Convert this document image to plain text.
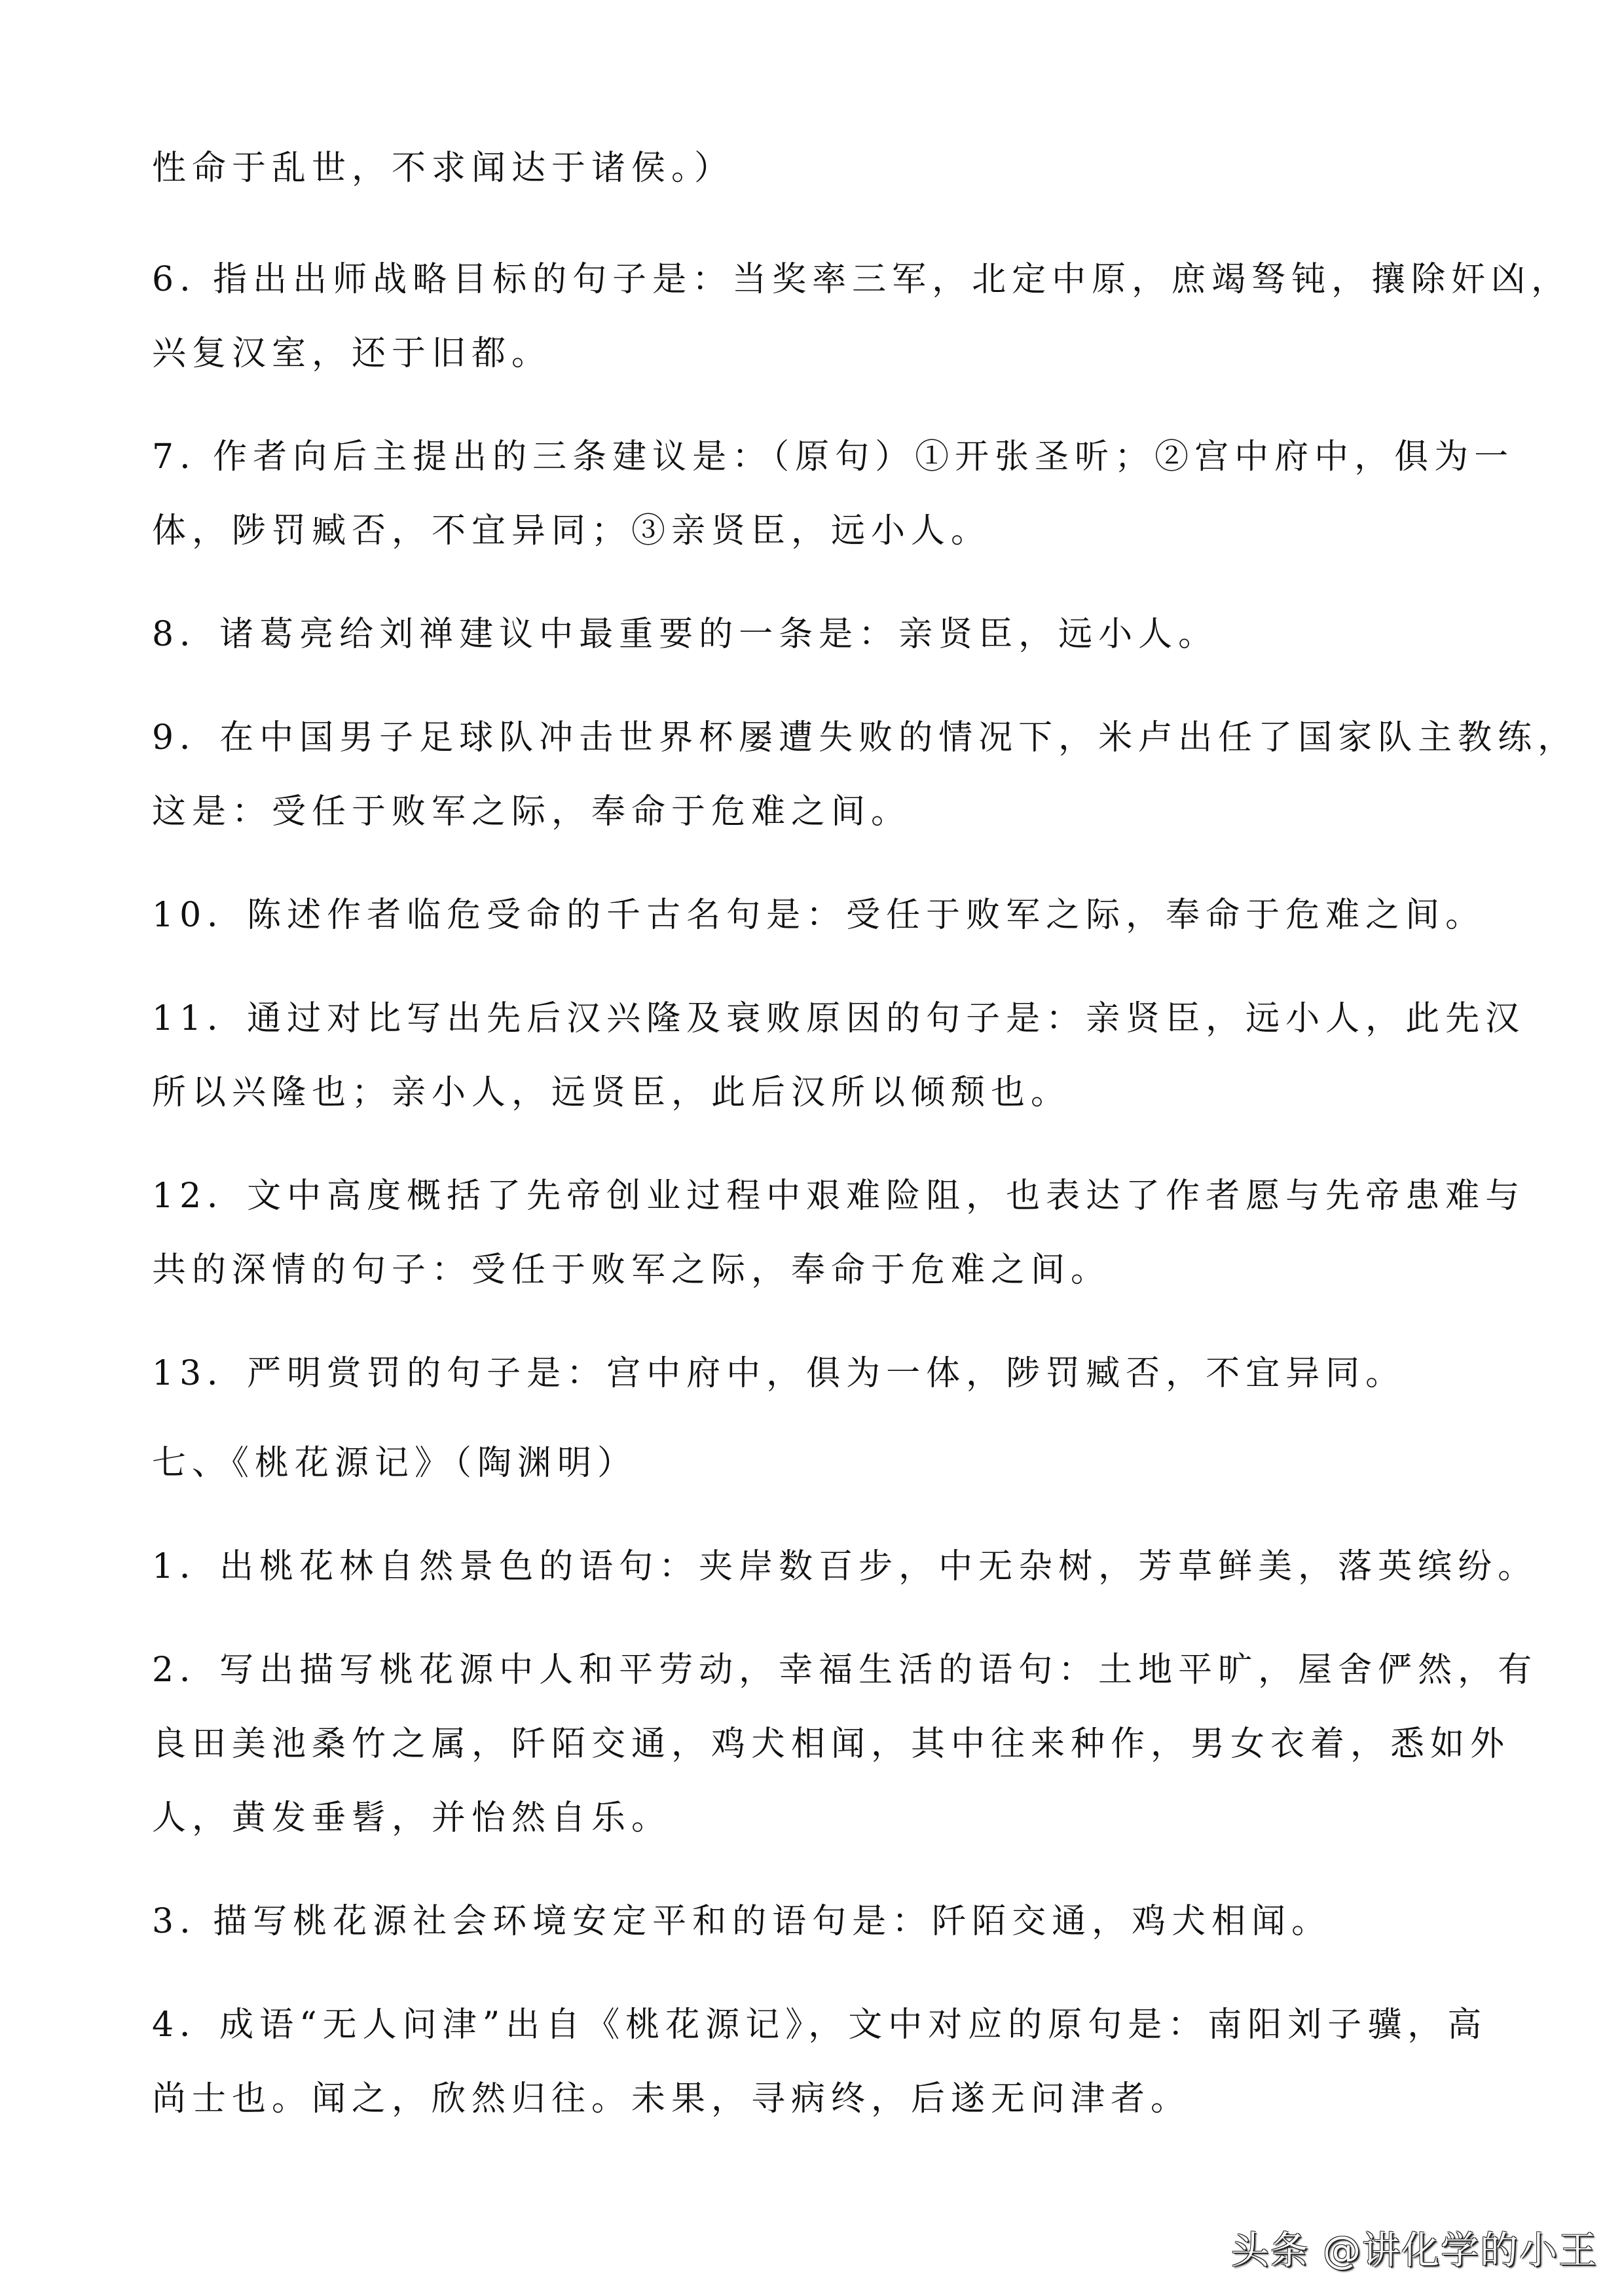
性命于乱世，不求闻达于诸侯。）
6. 指出出师战略目标的句子是：当奖率三军，北定中原，庶竭驽钝，攘除奸凶，
兴复汉室，还于旧都。
7. 作者向后主提出的三条建议是：（原句）①开张圣听；②宫中府中，俱为一
体，陟罚臧否，不宜异同；③亲贤臣，远小人。
8．诸葛亮给刘禅建议中最重要的一条是：亲贤臣，远小人。
9．在中国男子足球队冲击世界杯屡遭失败的情况下，米卢出任了国家队主教练，
这是：受任于败军之际，奉命于危难之间。
10．陈述作者临危受命的千古名句是：受任于败军之际，奉命于危难之间。
11．通过对比写出先后汉兴隆及衰败原因的句子是：亲贤臣，远小人，此先汉
所以兴隆也；亲小人，远贤臣，此后汉所以倾颓也。
12．文中高度概括了先帝创业过程中艰难险阻，也表达了作者愿与先帝患难与
共的深情的句子：受任于败军之际，奉命于危难之间。
13．严明赏罚的句子是：宫中府中，俱为一体，陟罚臧否，不宜异同。
七、《桃花源记》（陶渊明）
1．出桃花林自然景色的语句：夹岸数百步，中无杂树，芳草鲜美，落英缤纷。
2．写出描写桃花源中人和平劳动，幸福生活的语句：土地平旷，屋舍俨然，有
良田美池桑竹之属，阡陌交通，鸡犬相闻，其中往来种作，男女衣着，悉如外
人，黄发垂髫，并怡然自乐。
3. 描写桃花源社会环境安定平和的语句是：阡陌交通，鸡犬相闻。
4．成语“无人问津”出自《桃花源记》，文中对应的原句是：南阳刘子骥，高
尚士也。闻之，欣然归往。未果，寻病终，后遂无问津者。
头条 @讲化学的小王
